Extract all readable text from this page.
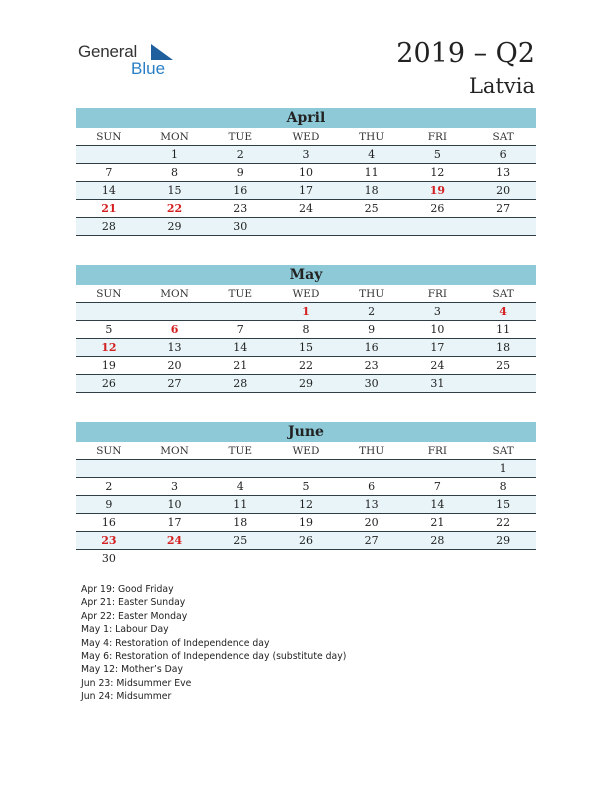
General
Blue	2019 – Q2
Latvia
April
SUN	MON	TUE	WED	THU	FRI	SAT
	1	2	3	4	5	6
7	8	9	10	11	12	13
14	15	16	17	18	19	20
21	22	23	24	25	26	27
28	29	30				
May
SUN	MON	TUE	WED	THU	FRI	SAT
			1	2	3	4
5	6	7	8	9	10	11
12	13	14	15	16	17	18
19	20	21	22	23	24	25
26	27	28	29	30	31	
June
SUN	MON	TUE	WED	THU	FRI	SAT
						1
2	3	4	5	6	7	8
9	10	11	12	13	14	15
16	17	18	19	20	21	22
23	24	25	26	27	28	29
30						
Apr 19: Good Friday
Apr 21: Easter Sunday
Apr 22: Easter Monday
May 1: Labour Day
May 4: Restoration of Independence day
May 6: Restoration of Independence day (substitute day)
May 12: Mother’s Day
Jun 23: Midsummer Eve
Jun 24: Midsummer
